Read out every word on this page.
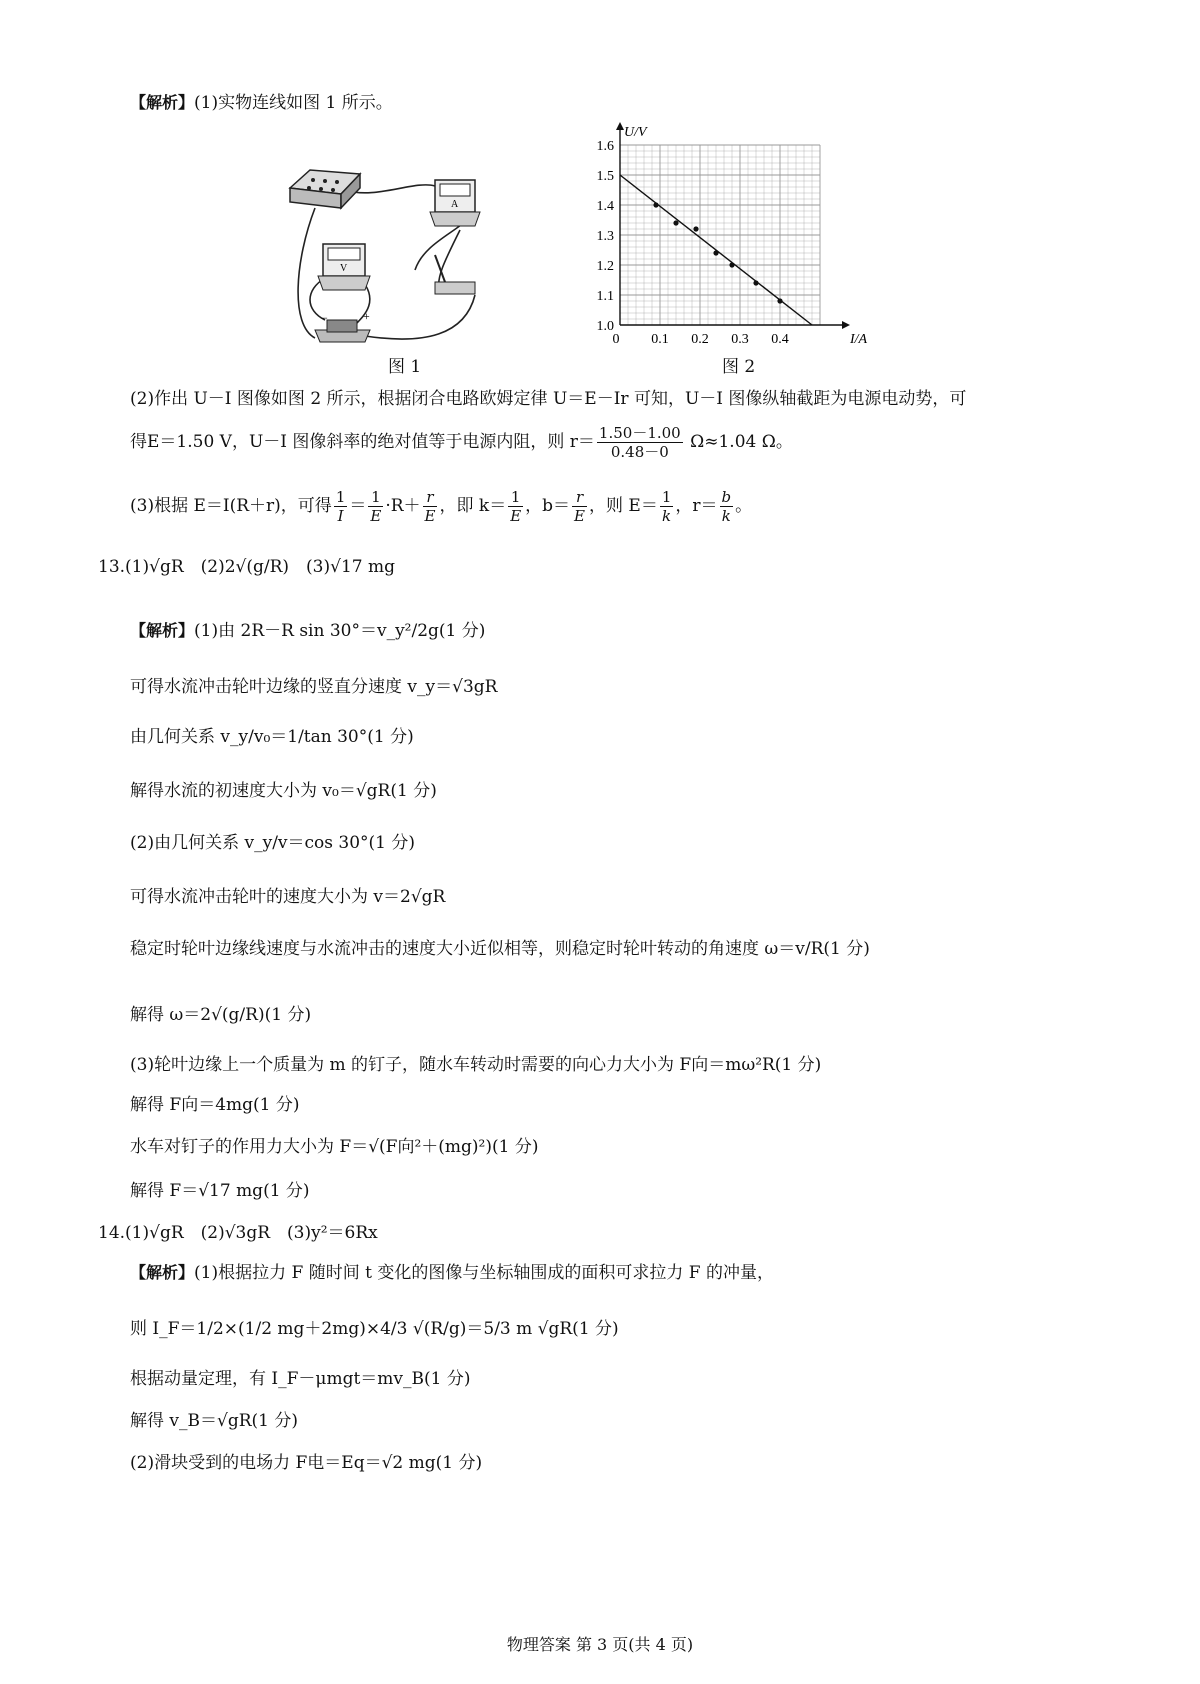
【解析】(1)实物连线如图 1 所示。
A
V
−	+
图 1
0 0.1 0.2 0.3 0.4
1.0
1.1
1.2
1.3
1.4
1.5
1.6
I/A
U/V
图 2
(2)作出 U－I 图像如图 2 所示，根据闭合电路欧姆定律 U＝E－Ir 可知，U－I 图像纵轴截距为电源电动势，可
得E＝1.50 V，U－I 图像斜率的绝对值等于电源内阻，则 $r= \frac{1.50-1.00}{0.48-0} \Omega\approx 1.04$ Ω。
(3)根据 E＝I(R＋r)，可得 $\frac{1}{I} = \frac{1}{E} \cdot R+ \frac{r}{E}$ ，即 $k= \frac{1}{E}$ ，$b= \frac{r}{E}$ ，则 $E= \frac{1}{k}$ ，$r= \frac{b}{k}$ 。
13.(1)√gR　(2)2√(g/R)　(3)√17 mg
【解析】(1)由 2R－R sin 30°＝v_y²/2g(1 分)
可得水流冲击轮叶边缘的竖直分速度 v_y＝√3gR
由几何关系 v_y/v₀＝1/tan 30°(1 分)
解得水流的初速度大小为 v₀＝√gR(1 分)
(2)由几何关系 v_y/v＝cos 30°(1 分)
可得水流冲击轮叶的速度大小为 v＝2√gR
稳定时轮叶边缘线速度与水流冲击的速度大小近似相等，则稳定时轮叶转动的角速度 ω＝v/R(1 分)
解得 ω＝2√(g/R)(1 分)
(3)轮叶边缘上一个质量为 m 的钉子，随水车转动时需要的向心力大小为 F向＝mω²R(1 分)
解得 F向＝4mg(1 分)
水车对钉子的作用力大小为 F＝√(F向²＋(mg)²)(1 分)
解得 F＝√17 mg(1 分)
14.(1)√gR　(2)√3gR　(3)y²＝6Rx
【解析】(1)根据拉力 F 随时间 t 变化的图像与坐标轴围成的面积可求拉力 F 的冲量，
则 I_F＝1/2×(1/2 mg＋2mg)×4/3 √(R/g)＝5/3 m √gR(1 分)
根据动量定理，有 I_F－μmgt＝mv_B(1 分)
解得 v_B＝√gR(1 分)
(2)滑块受到的电场力 F电＝Eq＝√2 mg(1 分)
物理答案 第 3 页(共 4 页)
